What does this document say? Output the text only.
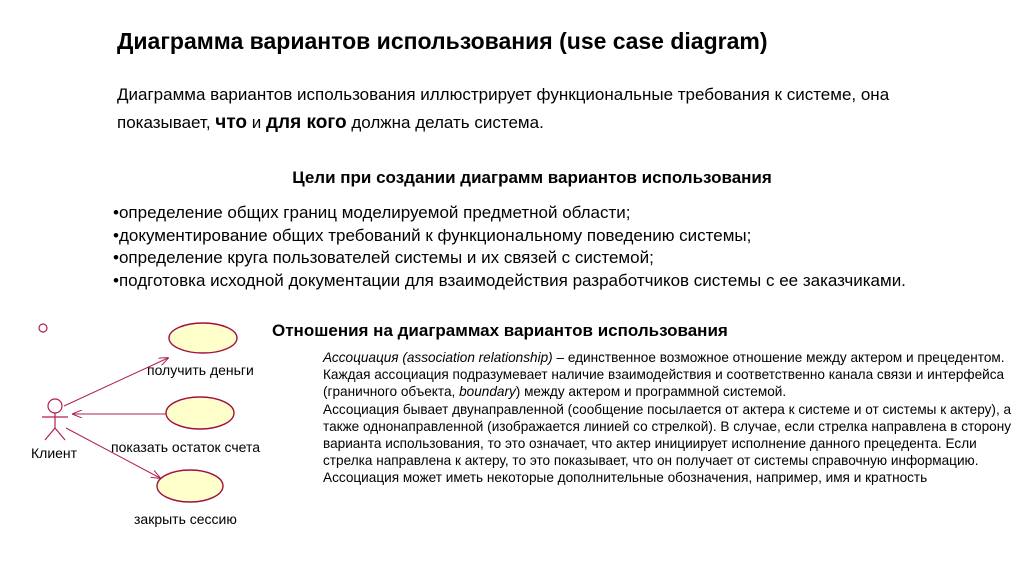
Диаграмма вариантов использования (use case diagram)

Диаграмма вариантов использования иллюстрирует функциональные требования к системе, она

показывает, что и для кого должна делать система.

Цели при создании диаграмм вариантов использования
•определение общих границ моделируемой предметной области;
•документирование общих требований к функциональному поведению системы;
•определение круга пользователей системы и их связей с системой;
•подготовка исходной документации для взаимодействия разработчиков системы с ее заказчиками.
Отношения на диаграммах вариантов использования

Ассоциация (association relationship) – единственное возможное отношение между актером и прецедентом. Каждая ассоциация подразумевает наличие взаимодействия и соответственно канала связи и интерфейса (граничного объекта, boundary) между актером и программной системой.

Ассоциация бывает двунаправленной (сообщение посылается от актера к системе и от системы к актеру), а также однонаправленной (изображается линией со стрелкой). В случае, если стрелка направлена в сторону варианта использования, то это означает, что актер инициирует исполнение данного прецедента. Если стрелка направлена к актеру, то это показывает, что он получает от системы справочную информацию.

Ассоциация может иметь некоторые дополнительные обозначения, например, имя и кратность

получить деньги
показать остаток счета
закрыть сессию
Клиент
